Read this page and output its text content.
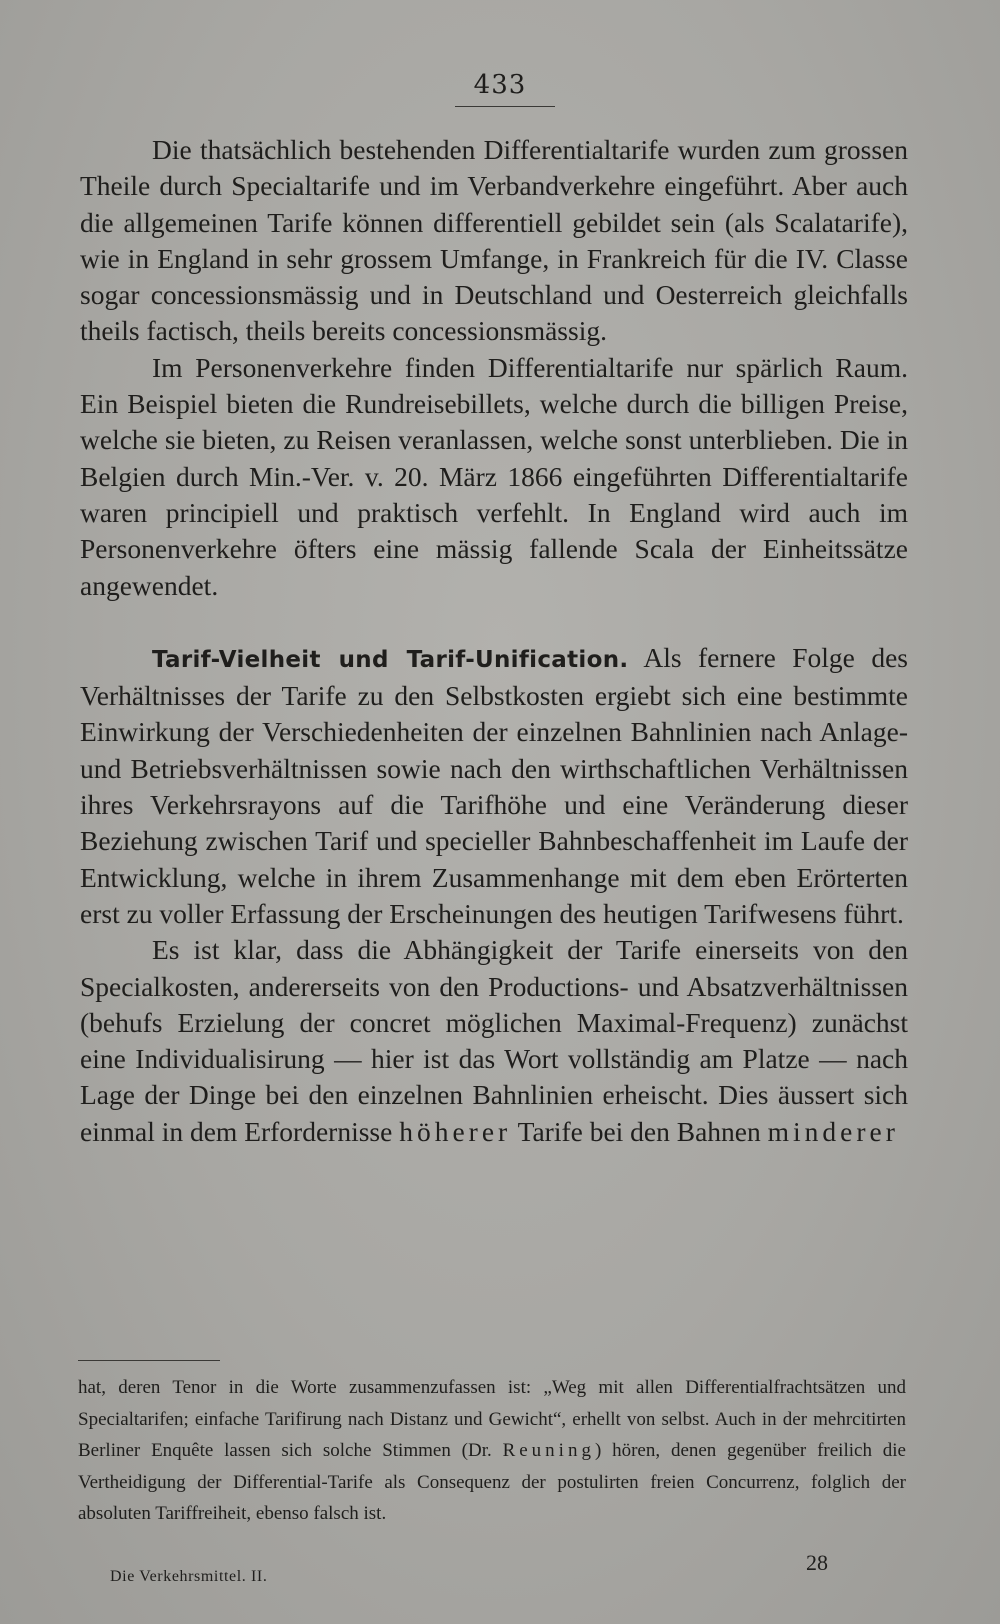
433

Die thatsächlich bestehenden Differentialtarife wurden zum grossen Theile durch Specialtarife und im Verbandverkehre eingeführt. Aber auch die allgemeinen Tarife können differentiell gebildet sein (als Scalatarife), wie in England in sehr grossem Umfange, in Frankreich für die IV. Classe sogar concessionsmässig und in Deutschland und Oesterreich gleichfalls theils factisch, theils bereits concessionsmässig.

Im Personenverkehre finden Differentialtarife nur spärlich Raum. Ein Beispiel bieten die Rundreisebillets, welche durch die billigen Preise, welche sie bieten, zu Reisen veranlassen, welche sonst unterblieben. Die in Belgien durch Min.-Ver. v. 20. März 1866 eingeführten Differentialtarife waren principiell und praktisch verfehlt. In England wird auch im Personenverkehre öfters eine mässig fallende Scala der Einheitssätze angewendet.

Tarif-Vielheit und Tarif-Unification. Als fernere Folge des Verhältnisses der Tarife zu den Selbstkosten ergiebt sich eine bestimmte Einwirkung der Verschiedenheiten der einzelnen Bahnlinien nach Anlage- und Betriebsverhältnissen sowie nach den wirthschaftlichen Verhältnissen ihres Verkehrsrayons auf die Tarifhöhe und eine Veränderung dieser Beziehung zwischen Tarif und specieller Bahnbeschaffenheit im Laufe der Entwicklung, welche in ihrem Zusammenhange mit dem eben Erörterten erst zu voller Erfassung der Erscheinungen des heutigen Tarifwesens führt.

Es ist klar, dass die Abhängigkeit der Tarife einerseits von den Specialkosten, andererseits von den Productions- und Absatzverhältnissen (behufs Erzielung der concret möglichen Maximal-Frequenz) zunächst eine Individualisirung — hier ist das Wort vollständig am Platze — nach Lage der Dinge bei den einzelnen Bahnlinien erheischt. Dies äussert sich einmal in dem Erfordernisse höherer Tarife bei den Bahnen minderer

hat, deren Tenor in die Worte zusammenzufassen ist: „Weg mit allen Differentialfrachtsätzen und Specialtarifen; einfache Tarifirung nach Distanz und Gewicht“, erhellt von selbst. Auch in der mehrcitirten Berliner Enquête lassen sich solche Stimmen (Dr. Reuning) hören, denen gegenüber freilich die Vertheidigung der Differential-Tarife als Consequenz der postulirten freien Concurrenz, folglich der absoluten Tariffreiheit, ebenso falsch ist.

Die Verkehrsmittel. II.
28
